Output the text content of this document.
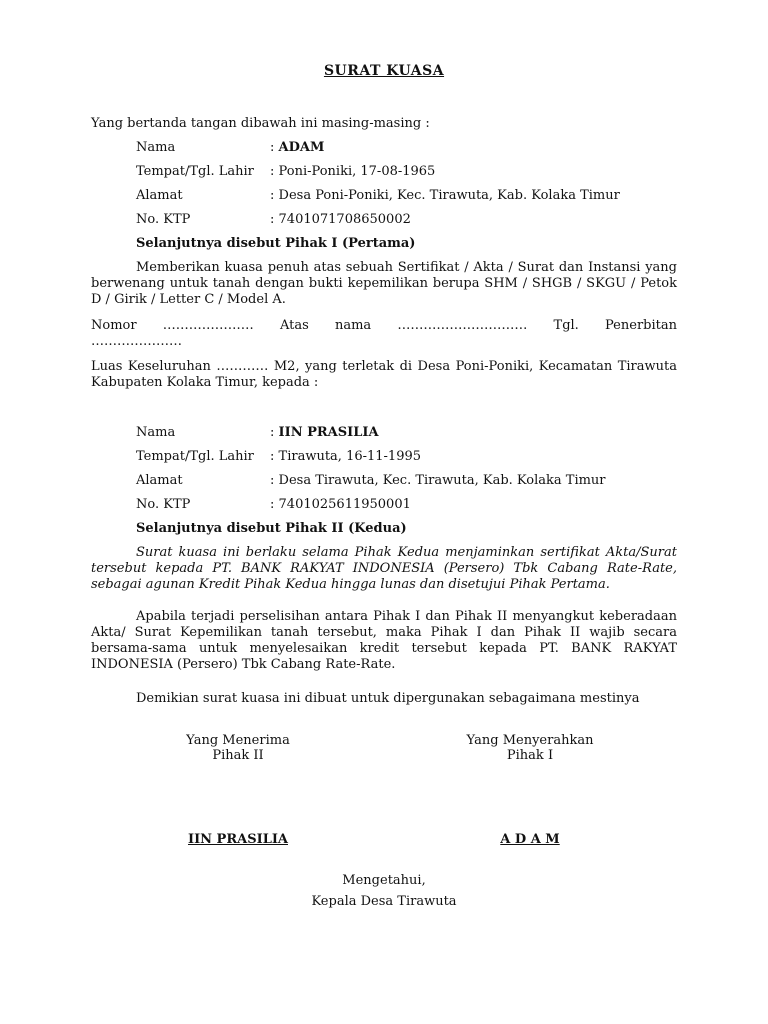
SURAT KUASA
Yang bertanda tangan dibawah ini masing-masing :
Nama	: ADAM
Tempat/Tgl. Lahir : Poni-Poniki, 17-08-1965
Alamat	: Desa Poni-Poniki, Kec. Tirawuta, Kab. Kolaka Timur
No. KTP	: 7401071708650002
Selanjutnya disebut Pihak I (Pertama)
Memberikan kuasa penuh atas sebuah Sertifikat / Akta / Surat dan Instansi yang berwenang untuk tanah dengan bukti kepemilikan berupa SHM / SHGB / SKGU / Petok D / Girik / Letter C / Model A.
Nomor ………………… Atas nama ………………………… Tgl. Penerbitan
…………………
Luas Keseluruhan ………… M2, yang terletak di Desa Poni-Poniki, Kecamatan Tirawuta Kabupaten Kolaka Timur, kepada :
Nama	: IIN PRASILIA
Tempat/Tgl. Lahir : Tirawuta, 16-11-1995
Alamat	: Desa Tirawuta, Kec. Tirawuta, Kab. Kolaka Timur
No. KTP	: 7401025611950001
Selanjutnya disebut Pihak II (Kedua)
Surat kuasa ini berlaku selama Pihak Kedua menjaminkan sertifikat Akta/Surat tersebut kepada PT. BANK RAKYAT INDONESIA (Persero) Tbk Cabang Rate-Rate, sebagai agunan Kredit Pihak Kedua hingga lunas dan disetujui Pihak Pertama.
Apabila terjadi perselisihan antara Pihak I dan Pihak II menyangkut keberadaan Akta/ Surat Kepemilikan tanah tersebut, maka Pihak I dan Pihak II wajib secara bersama-sama untuk menyelesaikan kredit tersebut kepada PT. BANK RAKYAT INDONESIA (Persero) Tbk Cabang Rate-Rate.
Demikian surat kuasa ini dibuat untuk dipergunakan sebagaimana mestinya
Yang Menerima
Pihak II
Yang Menyerahkan
Pihak I
IIN PRASILIA	A D A M
Mengetahui,
Kepala Desa Tirawuta
